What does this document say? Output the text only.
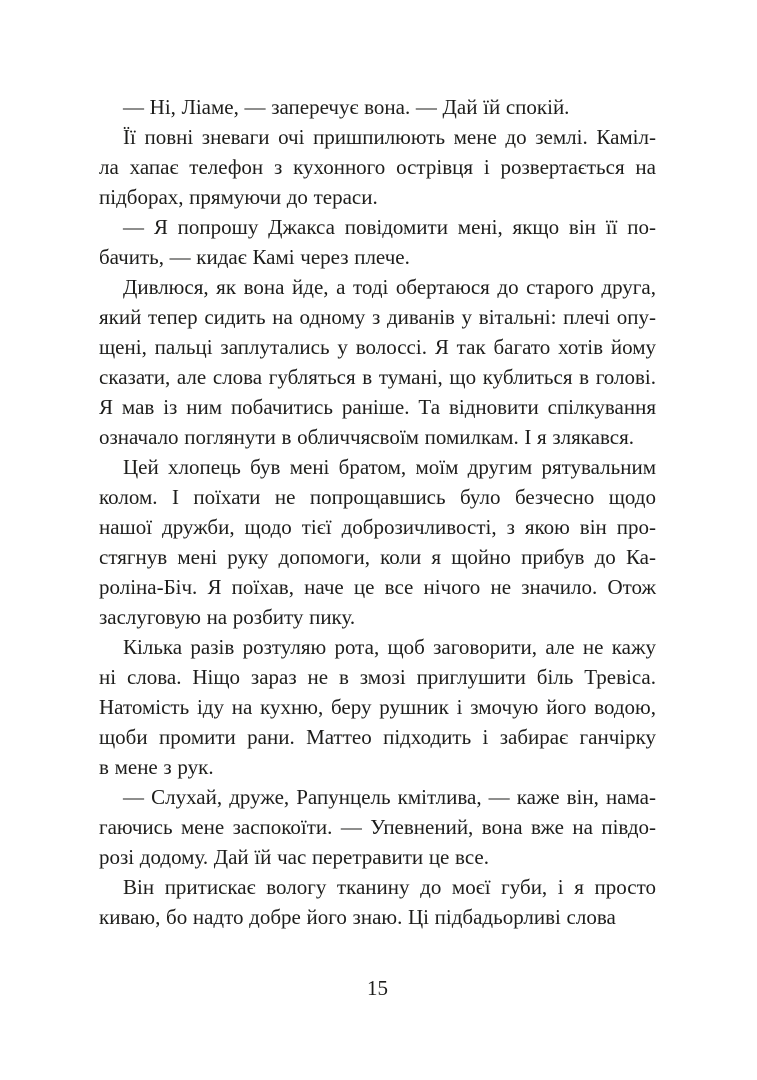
— Ні, Ліаме, — заперечує вона. — Дай їй спокій.
Її повні зневаги очі пришпилюють мене до землі. Каміл-
ла хапає телефон з кухонного острівця і розвертається на
підборах, прямуючи до тераси.
— Я попрошу Джакса повідомити мені, якщо він її по-
бачить, — кидає Камі через плече.
Дивлюся, як вона йде, а тоді обертаюся до старого друга,
який тепер сидить на одному з диванів у вітальні: плечі опу-
щені, пальці заплутались у волоссі. Я так багато хотів йому
сказати, але слова губляться в тумані, що кублиться в голові.
Я мав із ним побачитись раніше. Та відновити спілкування
означало поглянути в обличчясвоїм помилкам. І я злякався.
Цей хлопець був мені братом, моїм другим рятувальним
колом. І поїхати не попрощавшись було безчесно щодо
нашої дружби, щодо тієї доброзичливості, з якою він про-
стягнув мені руку допомоги, коли я щойно прибув до Ка-
роліна-Біч. Я поїхав, наче це все нічого не значило. Отож
заслуговую на розбиту пику.
Кілька разів розтуляю рота, щоб заговорити, але не кажу
ні слова. Ніщо зараз не в змозі приглушити біль Тревіса.
Натомість іду на кухню, беру рушник і змочую його водою,
щоби промити рани. Маттео підходить і забирає ганчірку
в мене з рук.
— Слухай, друже, Рапунцель кмітлива, — каже він, нама-
гаючись мене заспокоїти. — Упевнений, вона вже на півдо-
розі додому. Дай їй час перетравити це все.
Він притискає вологу тканину до моєї губи, і я просто
киваю, бо надто добре його знаю. Ці підбадьорливі слова
15
